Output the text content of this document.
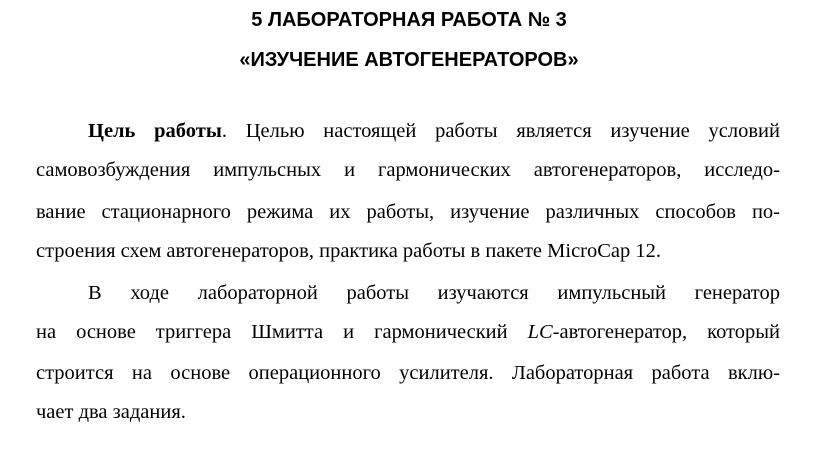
5 ЛАБОРАТОРНАЯ РАБОТА № 3
«ИЗУЧЕНИЕ АВТОГЕНЕРАТОРОВ»
Цель работы. Целью настоящей работы является изучение условий
самовозбуждения импульсных и гармонических автогенераторов, исследо-
вание стационарного режима их работы, изучение различных способов по-
строения схем автогенераторов, практика работы в пакете MicroCap 12.
В ходе лабораторной работы изучаются импульсный генератор
на основе триггера Шмитта и гармонический LC-автогенератор, который
строится на основе операционного усилителя. Лабораторная работа вклю-
чает два задания.
